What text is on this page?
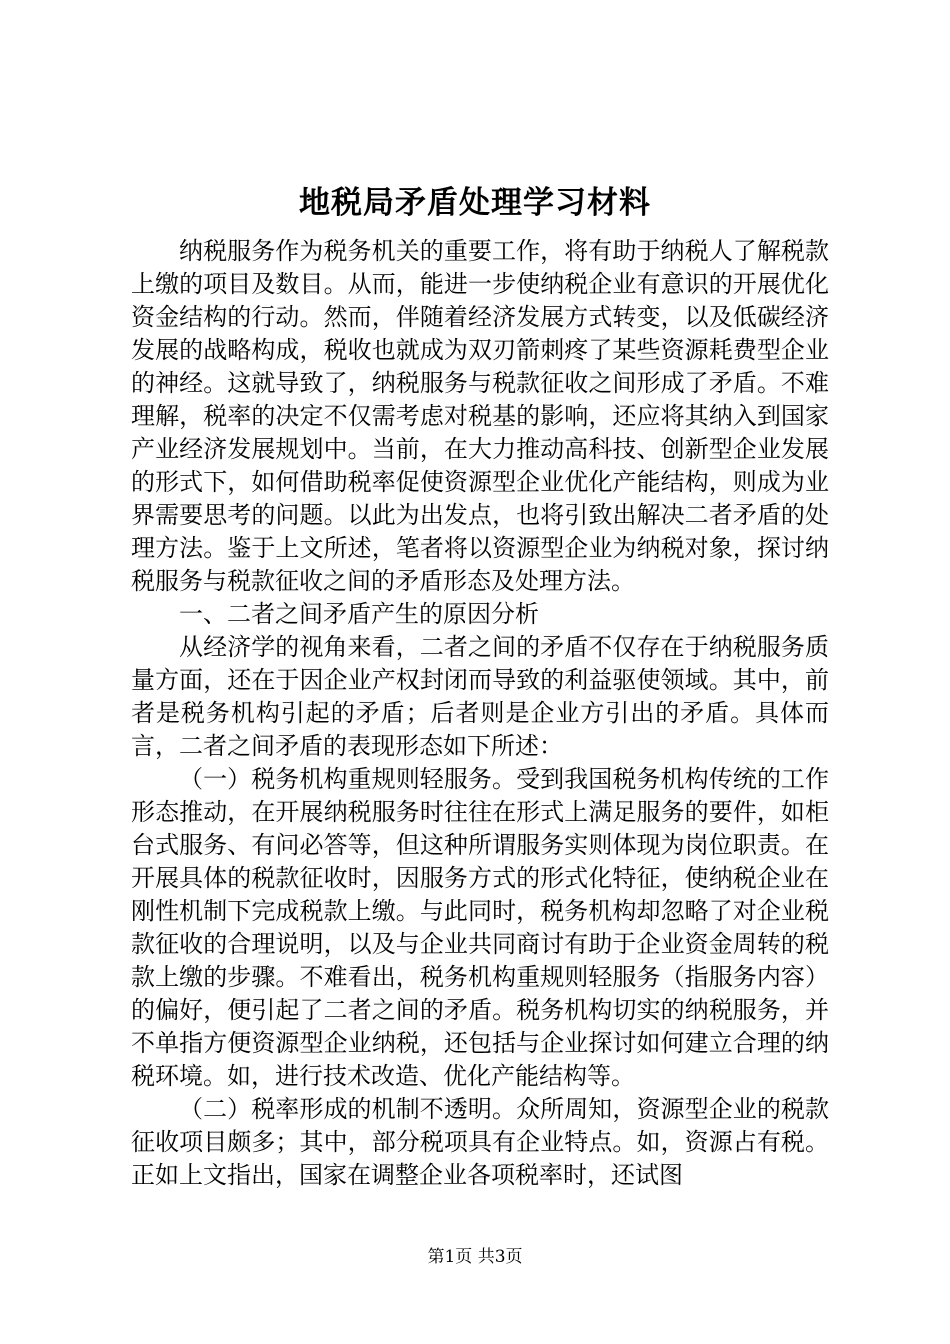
地税局矛盾处理学习材料

纳税服务作为税务机关的重要工作，将有助于纳税人了解税款上缴的项目及数目。从而，能进一步使纳税企业有意识的开展优化资金结构的行动。然而，伴随着经济发展方式转变，以及低碳经济发展的战略构成，税收也就成为双刃箭刺疼了某些资源耗费型企业的神经。这就导致了，纳税服务与税款征收之间形成了矛盾。不难理解，税率的决定不仅需考虑对税基的影响，还应将其纳入到国家产业经济发展规划中。当前，在大力推动高科技、创新型企业发展的形式下，如何借助税率促使资源型企业优化产能结构，则成为业界需要思考的问题。以此为出发点，也将引致出解决二者矛盾的处理方法。鉴于上文所述，笔者将以资源型企业为纳税对象，探讨纳税服务与税款征收之间的矛盾形态及处理方法。

一、二者之间矛盾产生的原因分析

从经济学的视角来看，二者之间的矛盾不仅存在于纳税服务质量方面，还在于因企业产权封闭而导致的利益驱使领域。其中，前者是税务机构引起的矛盾；后者则是企业方引出的矛盾。具体而言，二者之间矛盾的表现形态如下所述：

（一）税务机构重规则轻服务。受到我国税务机构传统的工作形态推动，在开展纳税服务时往往在形式上满足服务的要件，如柜台式服务、有问必答等，但这种所谓服务实则体现为岗位职责。在开展具体的税款征收时，因服务方式的形式化特征，使纳税企业在刚性机制下完成税款上缴。与此同时，税务机构却忽略了对企业税款征收的合理说明，以及与企业共同商讨有助于企业资金周转的税款上缴的步骤。不难看出，税务机构重规则轻服务（指服务内容）的偏好，便引起了二者之间的矛盾。税务机构切实的纳税服务，并不单指方便资源型企业纳税，还包括与企业探讨如何建立合理的纳税环境。如，进行技术改造、优化产能结构等。

（二）税率形成的机制不透明。众所周知，资源型企业的税款征收项目颇多；其中，部分税项具有企业特点。如，资源占有税。正如上文指出，国家在调整企业各项税率时，还试图

第1页 共3页
